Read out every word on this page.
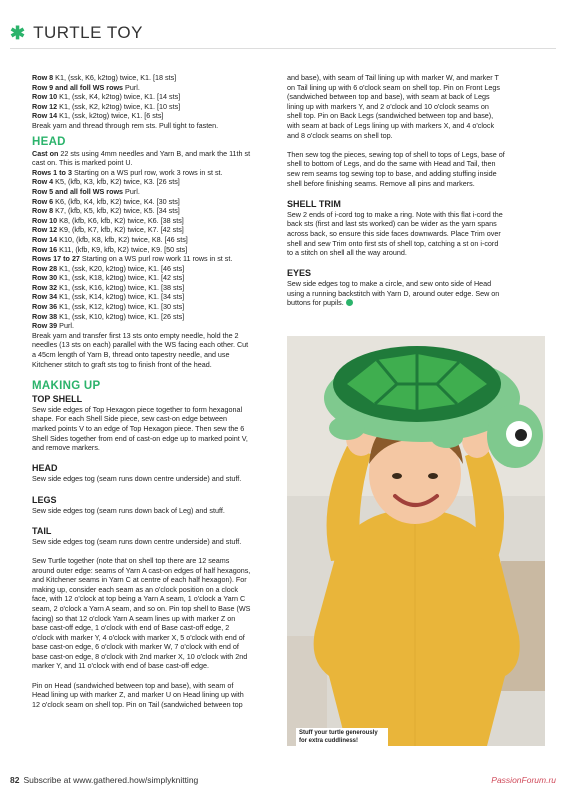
✱ TURTLE TOY
Row 8 K1, (ssk, K6, k2tog) twice, K1. [18 sts]
Row 9 and all foll WS rows Purl.
Row 10 K1, (ssk, K4, k2tog) twice, K1. [14 sts]
Row 12 K1, (ssk, K2, k2tog) twice, K1. [10 sts]
Row 14 K1, (ssk, k2tog) twice, K1. [6 sts]
Break yarn and thread through rem sts. Pull tight to fasten.
HEAD
Cast on 22 sts using 4mm needles and Yarn B, and mark the 11th st
cast on. This is marked point U.
Rows 1 to 3 Starting on a WS purl row, work 3 rows in st st.
Row 4 K5, (kfb, K3, kfb, K2) twice, K3. [26 sts]
Row 5 and all foll WS rows Purl.
Row 6 K6, (kfb, K4, kfb, K2) twice, K4. [30 sts]
Row 8 K7, (kfb, K5, kfb, K2) twice, K5. [34 sts]
Row 10 K8, (kfb, K6, kfb, K2) twice, K6. [38 sts]
Row 12 K9, (kfb, K7, kfb, K2) twice, K7. [42 sts]
Row 14 K10, (kfb, K8, kfb, K2) twice, K8. [46 sts]
Row 16 K11, (kfb, K9, kfb, K2) twice, K9. [50 sts]
Rows 17 to 27 Starting on a WS purl row work 11 rows in st st.
Row 28 K1, (ssk, K20, k2tog) twice, K1. [46 sts]
Row 30 K1, (ssk, K18, k2tog) twice, K1. [42 sts]
Row 32 K1, (ssk, K16, k2tog) twice, K1. [38 sts]
Row 34 K1, (ssk, K14, k2tog) twice, K1. [34 sts]
Row 36 K1, (ssk, K12, k2tog) twice, K1. [30 sts]
Row 38 K1, (ssk, K10, k2tog) twice, K1. [26 sts]
Row 39 Purl.
Break yarn and transfer first 13 sts onto empty needle, hold the 2
needles (13 sts on each) parallel with the WS facing each other. Cut
a 45cm length of Yarn B, thread onto tapestry needle, and use
Kitchener stitch to graft sts tog to finish front of the head.
MAKING UP
TOP SHELL
Sew side edges of Top Hexagon piece together to form hexagonal
shape. For each Shell Side piece, sew cast-on edge between
marked points V to an edge of Top Hexagon piece. Then sew the 6
Shell Sides together from end of cast-on edge up to marked point V,
and remove markers.
HEAD
Sew side edges tog (seam runs down centre underside) and stuff.
LEGS
Sew side edges tog (seam runs down back of Leg) and stuff.
TAIL
Sew side edges tog (seam runs down centre underside) and stuff.
Sew Turtle together (note that on shell top there are 12 seams
around outer edge: seams of Yarn A cast-on edges of half hexagons,
and Kitchener seams in Yarn C at centre of each half hexagon). For
making up, consider each seam as an o'clock position on a clock
face, with 12 o'clock at top being a Yarn A seam, 1 o'clock a Yarn C
seam, 2 o'clock a Yarn A seam, and so on. Pin top shell to Base (WS
facing) so that 12 o'clock Yarn A seam lines up with marker Z on
base cast-off edge, 1 o'clock with end of Base cast-off edge, 2
o'clock with marker Y, 4 o'clock with marker X, 5 o'clock with end of
base cast-on edge, 6 o'clock with marker W, 7 o'clock with end of
base cast-on edge, 8 o'clock with 2nd marker X, 10 o'clock with 2nd
marker Y, and 11 o'clock with end of base cast-off edge.
Pin on Head (sandwiched between top and base), with seam of
Head lining up with marker Z, and marker U on Head lining up with
12 o'clock seam on shell top. Pin on Tail (sandwiched between top
and base), with seam of Tail lining up with marker W, and marker T
on Tail lining up with 6 o'clock seam on shell top. Pin on Front Legs
(sandwiched between top and base), with seam at back of Legs
lining up with markers Y, and 2 o'clock and 10 o'clock seams on
shell top. Pin on Back Legs (sandwiched between top and base),
with seam at back of Legs lining up with markers X, and 4 o'clock
and 8 o'clock seams on shell top.
Then sew tog the pieces, sewing top of shell to tops of Legs, base of
shell to bottom of Legs, and do the same with Head and Tail, then
sew rem seams tog sewing top to base, and adding stuffing inside
shell before finishing seams. Remove all pins and markers.
SHELL TRIM
Sew 2 ends of i-cord tog to make a ring. Note with this flat i-cord the
back sts (first and last sts worked) can be wider as the yarn spans
across back, so ensure this side faces downwards. Place Trim over
shell and sew Trim onto first sts of shell top, catching a st on i-cord
to a stitch on shell all the way around.
EYES
Sew side edges tog to make a circle, and sew onto side of Head
using a running backstitch with Yarn D, around outer edge. Sew on
buttons for pupils.
Stuff your turtle generously for extra cuddliness!
82 Subscribe at www.gathered.how/simplyknitting	PassionForum.ru
